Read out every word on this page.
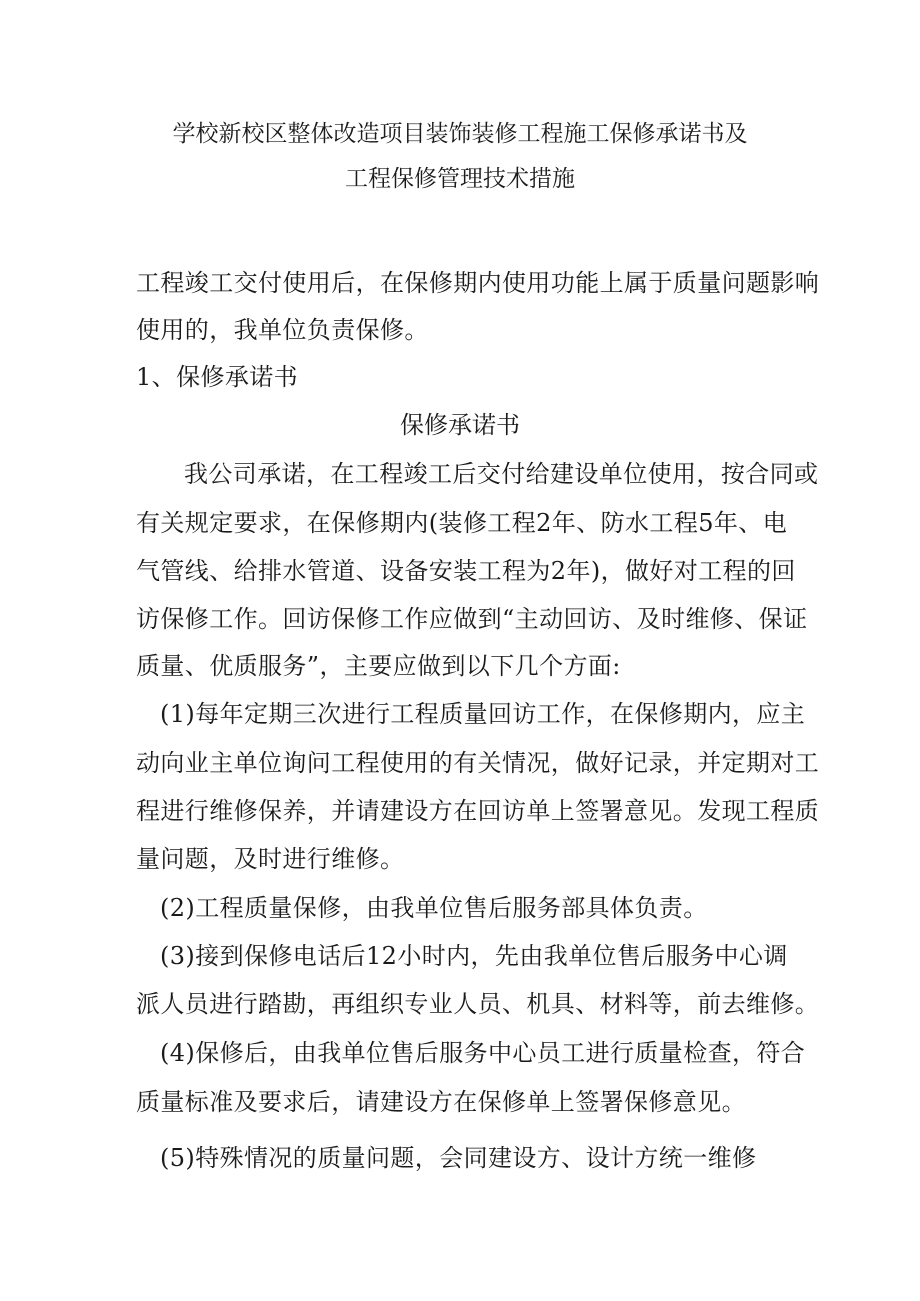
学校新校区整体改造项目装饰装修工程施工保修承诺书及
工程保修管理技术措施
工程竣工交付使用后，在保修期内使用功能上属于质量问题影响
使用的，我单位负责保修。
1、保修承诺书
保修承诺书
我公司承诺，在工程竣工后交付给建设单位使用，按合同或
有关规定要求，在保修期内(装修工程2年、防水工程5年、电
气管线、给排水管道、设备安装工程为2年)，做好对工程的回
访保修工作。回访保修工作应做到“主动回访、及时维修、保证
质量、优质服务”，主要应做到以下几个方面:
(1)每年定期三次进行工程质量回访工作，在保修期内，应主
动向业主单位询问工程使用的有关情况，做好记录，并定期对工
程进行维修保养，并请建设方在回访单上签署意见。发现工程质
量问题，及时进行维修。
(2)工程质量保修，由我单位售后服务部具体负责。
(3)接到保修电话后12小时内，先由我单位售后服务中心调
派人员进行踏勘，再组织专业人员、机具、材料等，前去维修。
(4)保修后，由我单位售后服务中心员工进行质量检查，符合
质量标准及要求后，请建设方在保修单上签署保修意见。
(5)特殊情况的质量问题，会同建设方、设计方统一维修
